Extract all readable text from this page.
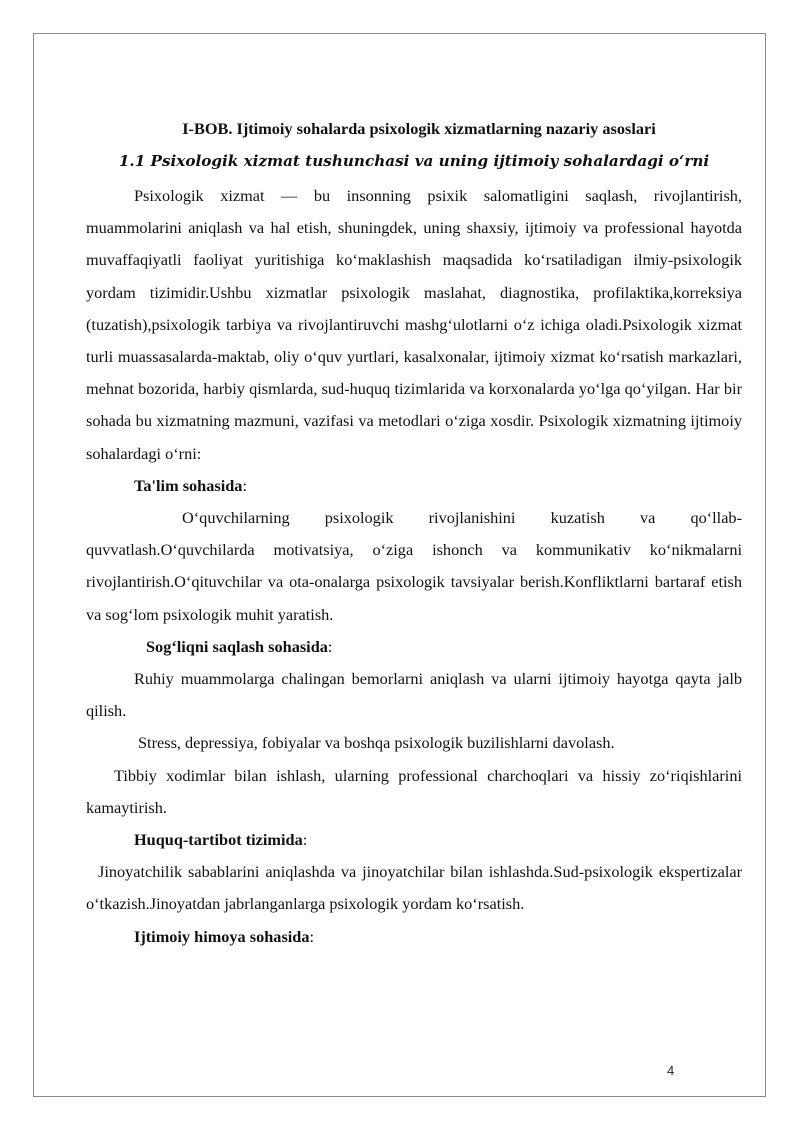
I-BOB. Ijtimoiy sohalarda psixologik xizmatlarning nazariy asoslari
1.1 Psixologik xizmat tushunchasi va uning ijtimoiy sohalardagi o‘rni

Psixologik xizmat — bu insonning psixik salomatligini saqlash, rivojlantirish, muammolarini aniqlash va hal etish, shuningdek, uning shaxsiy, ijtimoiy va professional hayotda muvaffaqiyatli faoliyat yuritishiga ko‘maklashish maqsadida ko‘rsatiladigan ilmiy-psixologik yordam tizimidir.Ushbu xizmatlar psixologik maslahat, diagnostika, profilaktika,korreksiya (tuzatish),psixologik tarbiya va rivojlantiruvchi mashg‘ulotlarni o‘z ichiga oladi.Psixologik xizmat turli muassasalarda-maktab, oliy o‘quv yurtlari, kasalxonalar, ijtimoiy xizmat ko‘rsatish markazlari, mehnat bozorida, harbiy qismlarda, sud-huquq tizimlarida va korxonalarda yo‘lga qo‘yilgan. Har bir sohada bu xizmatning mazmuni, vazifasi va metodlari o‘ziga xosdir. Psixologik xizmatning ijtimoiy sohalardagi o‘rni:

Ta'lim sohasida:

O‘quvchilarning psixologik rivojlanishini kuzatish va qo‘llab-quvvatlash.O‘quvchilarda motivatsiya, o‘ziga ishonch va kommunikativ ko‘nikmalarni rivojlantirish.O‘qituvchilar va ota-onalarga psixologik tavsiyalar berish.Konfliktlarni bartaraf etish va sog‘lom psixologik muhit yaratish.

Sog‘liqni saqlash sohasida:

Ruhiy muammolarga chalingan bemorlarni aniqlash va ularni ijtimoiy hayotga qayta jalb qilish.

Stress, depressiya, fobiyalar va boshqa psixologik buzilishlarni davolash.

Tibbiy xodimlar bilan ishlash, ularning professional charchoqlari va hissiy zo‘riqishlarini kamaytirish.

Huquq-tartibot tizimida:

Jinoyatchilik sabablarini aniqlashda va jinoyatchilar bilan ishlashda.Sud-psixologik ekspertizalar o‘tkazish.Jinoyatdan jabrlanganlarga psixologik yordam ko‘rsatish.

Ijtimoiy himoya sohasida:

4
